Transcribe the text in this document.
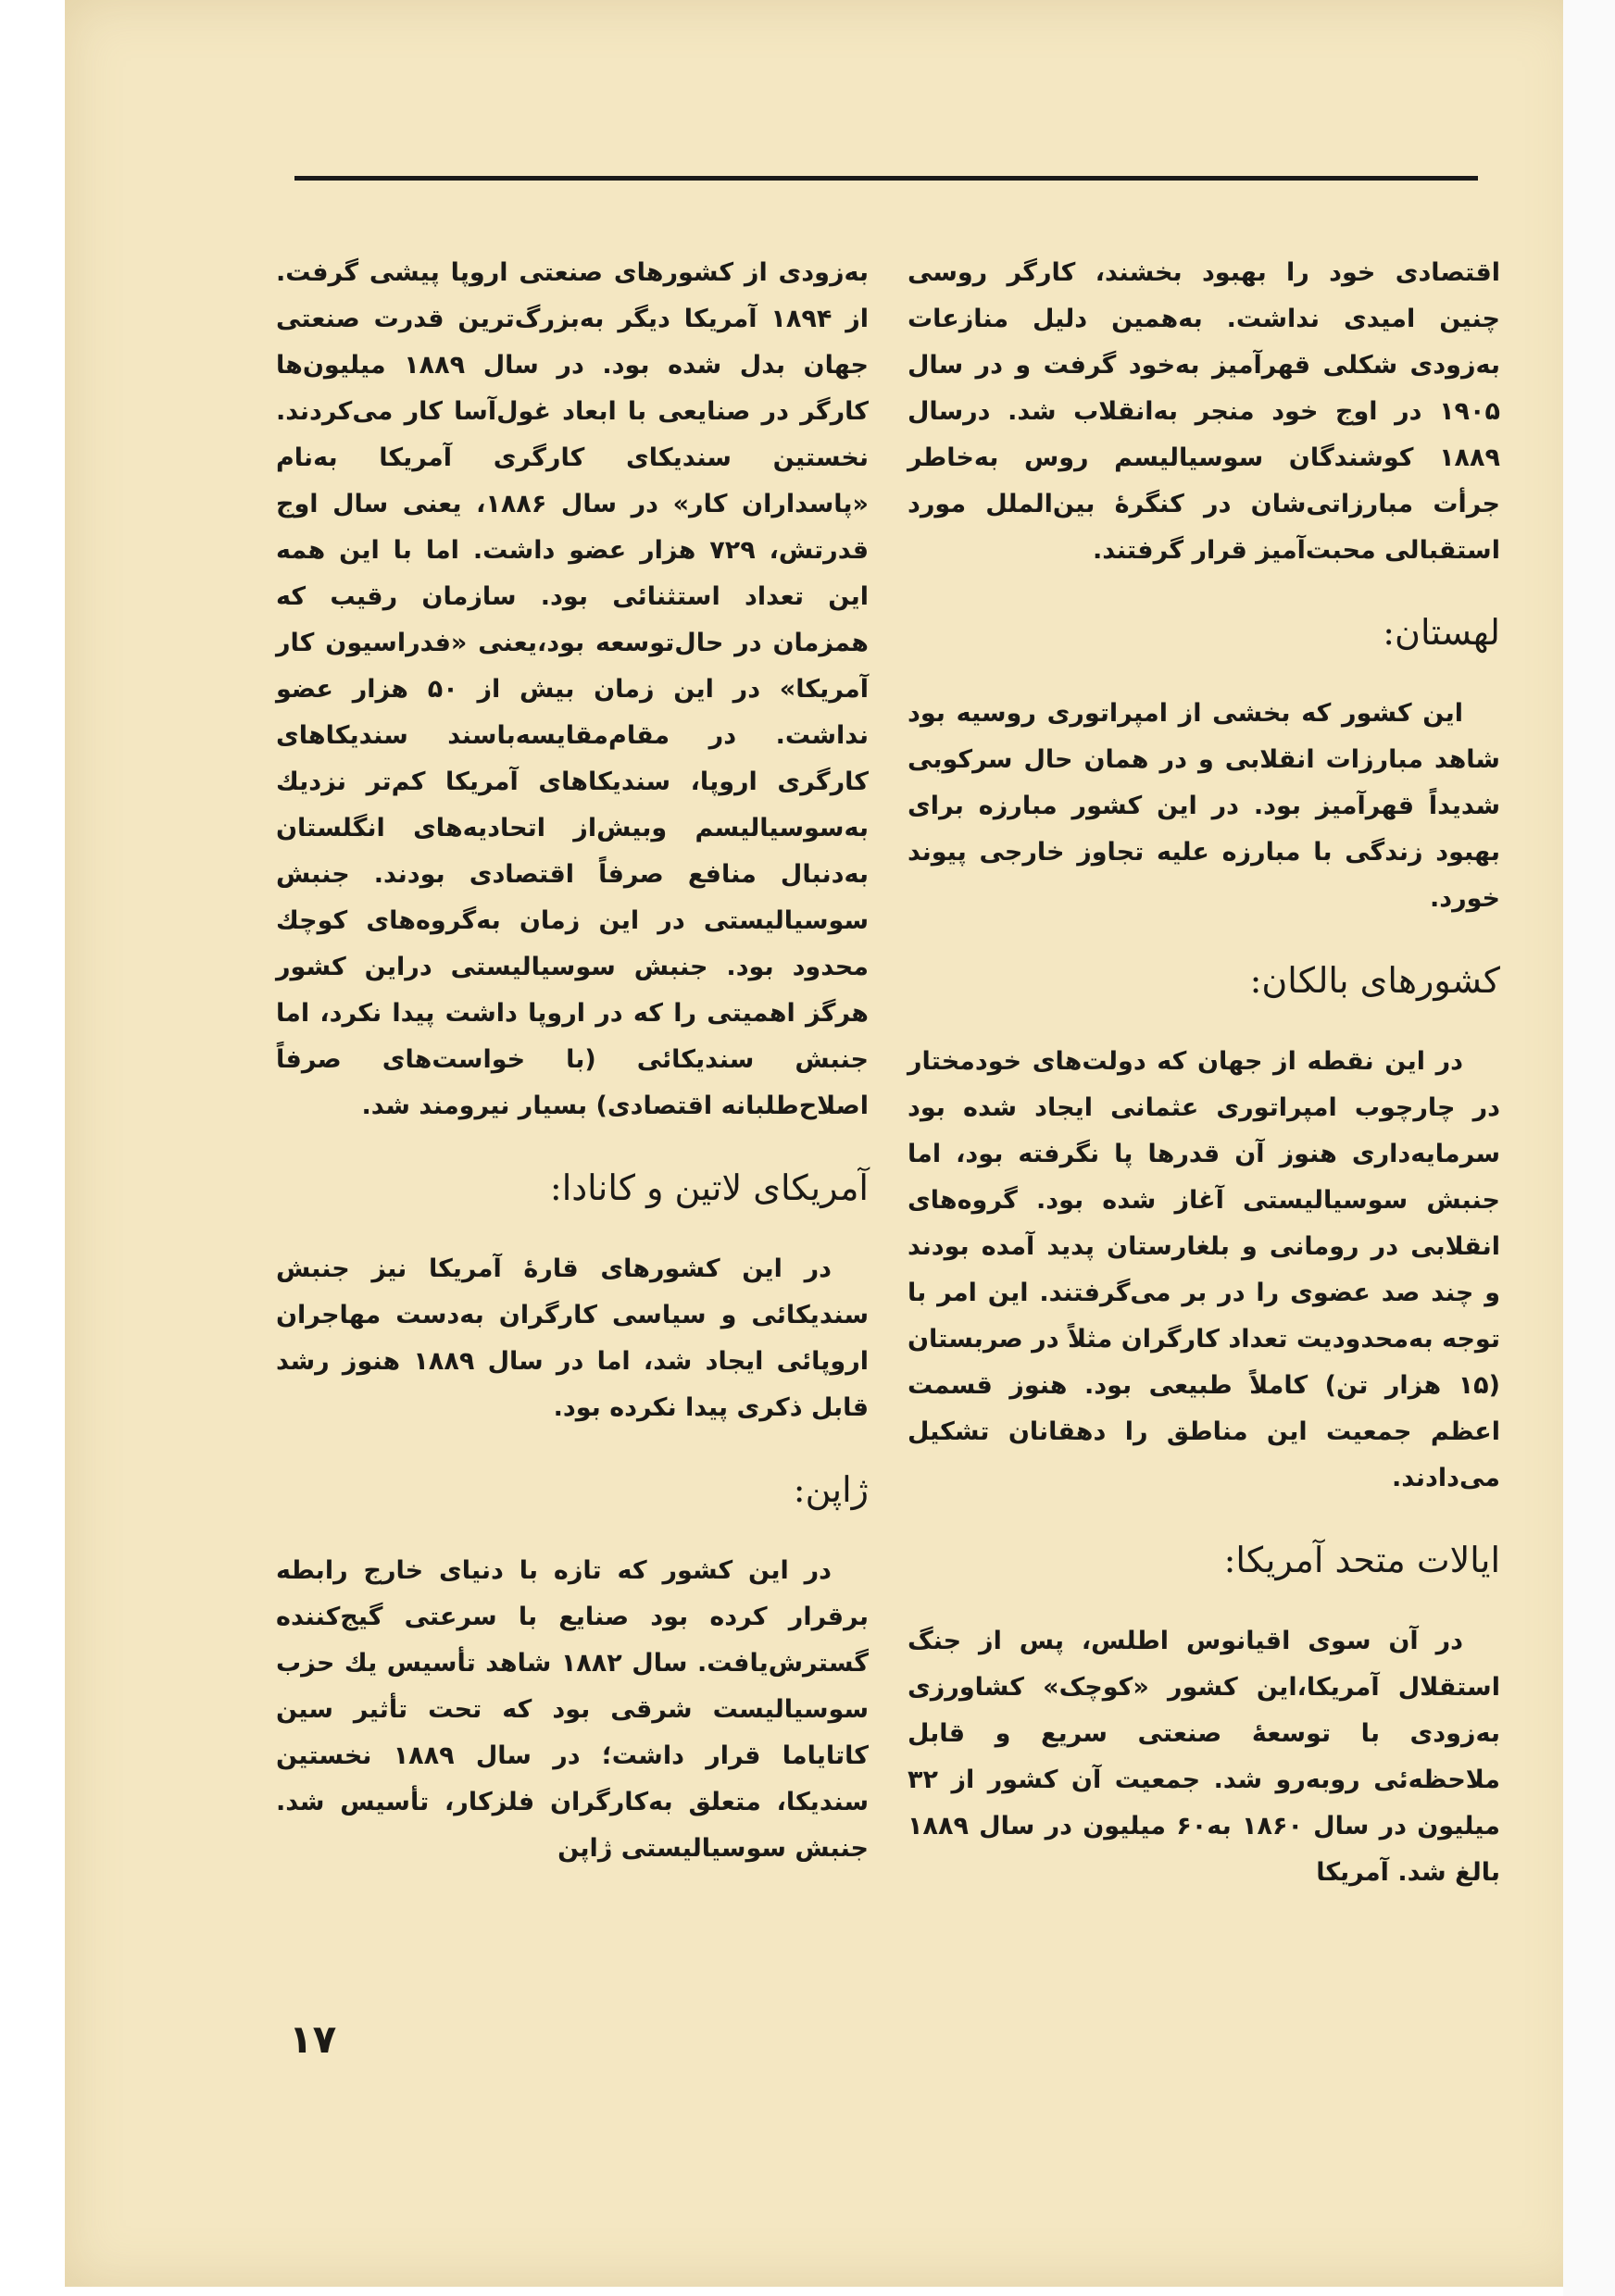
اقتصادی خود را بهبود بخشند، کارگر روسی چنین امیدی نداشت. به‌همین دلیل منازعات به‌زودی شکلی قهرآمیز به‌خود گرفت و در سال ۱۹۰۵ در اوج خود منجر به‌انقلاب شد. درسال ۱۸۸۹ کوشندگان سوسیالیسم روس به‌خاطر جرأت مبارزاتی‌شان در کنگرهٔ بین‌الملل مورد استقبالی محبت‌آمیز قرار گرفتند.

لهستان:

این کشور که بخشی از امپراتوری روسیه بود شاهد مبارزات انقلابی و در همان حال سرکوبی شدیداً قهرآمیز بود. در این کشور مبارزه برای بهبود زندگی با مبارزه علیه تجاوز خارجی پیوند خورد.

کشورهای بالکان:

در این نقطه از جهان که دولت‌های خودمختار در چارچوب امپراتوری عثمانی ایجاد شده بود سرمایه‌داری هنوز آن قدرها پا نگرفته بود، اما جنبش سوسیالیستی آغاز شده بود. گروه‌های انقلابی در رومانی و بلغارستان پدید آمده بودند و چند صد عضوی را در بر می‌گرفتند. این امر با توجه به‌محدودیت تعداد کارگران مثلاً در صربستان (۱۵ هزار تن) کاملاً طبیعی بود. هنوز قسمت اعظم جمعیت این مناطق را دهقانان تشکیل می‌دادند.

ایالات متحد آمریکا:

در آن سوی اقیانوس اطلس، پس از جنگ استقلال آمریکا،این کشور «کوچک» کشاورزی به‌زودی با توسعهٔ صنعتی سریع و قابل ملاحظه‌ئی روبه‌رو شد. جمعیت آن کشور از ۳۲ میلیون در سال ۱۸۶۰ به۶۰ میلیون در سال ۱۸۸۹ بالغ شد. آمریکا

به‌زودی از کشورهای صنعتی اروپا پیشی گرفت. از ۱۸۹۴ آمریکا دیگر به‌بزرگ‌ترین قدرت صنعتی جهان بدل شده بود. در سال ۱۸۸۹ میلیون‌ها کارگر در صنایعی با ابعاد غول‌آسا کار می‌کردند. نخستین سندیکای کارگری آمریکا به‌نام «پاسداران کار» در سال ۱۸۸۶، یعنی سال اوج قدرتش، ۷۲۹ هزار عضو داشت. اما با این همه این تعداد استثنائی بود. سازمان رقیب که همزمان در حال‌توسعه بود،یعنی «فدراسیون کار آمریکا» در این زمان بیش از ۵۰ هزار عضو نداشت. در مقام‌مقایسه‌باسند سندیکاهای کارگری اروپا، سندیکاهای آمریکا کم‌تر نزدیك به‌سوسیالیسم وبیش‌از اتحادیه‌های انگلستان به‌دنبال منافع صرفاً اقتصادی بودند. جنبش سوسیالیستی در این زمان به‌گروه‌های کوچك محدود بود. جنبش سوسیالیستی دراین کشور هرگز اهمیتی را که در اروپا داشت پیدا نکرد، اما جنبش سندیکائی (با خواست‌های صرفاً اصلاح‌طلبانه اقتصادی) بسیار نیرومند شد.

آمریکای لاتین و کانادا:

در این کشورهای قارهٔ آمریکا نیز جنبش سندیکائی و سیاسی کارگران به‌دست مهاجران اروپائی ایجاد شد، اما در سال ۱۸۸۹ هنوز رشد قابل ذکری پیدا نکرده بود.

ژاپن:

در این کشور که تازه با دنیای خارج رابطه برقرار کرده بود صنایع با سرعتی گیج‌کننده گسترش‌یافت. سال ۱۸۸۲ شاهد تأسیس یك حزب سوسیالیست شرقی بود که تحت تأثیر سین کاتایاما قرار داشت؛ در سال ۱۸۸۹ نخستین سندیکا، متعلق به‌کارگران فلزکار، تأسیس شد. جنبش سوسیالیستی ژاپن

۱۷
